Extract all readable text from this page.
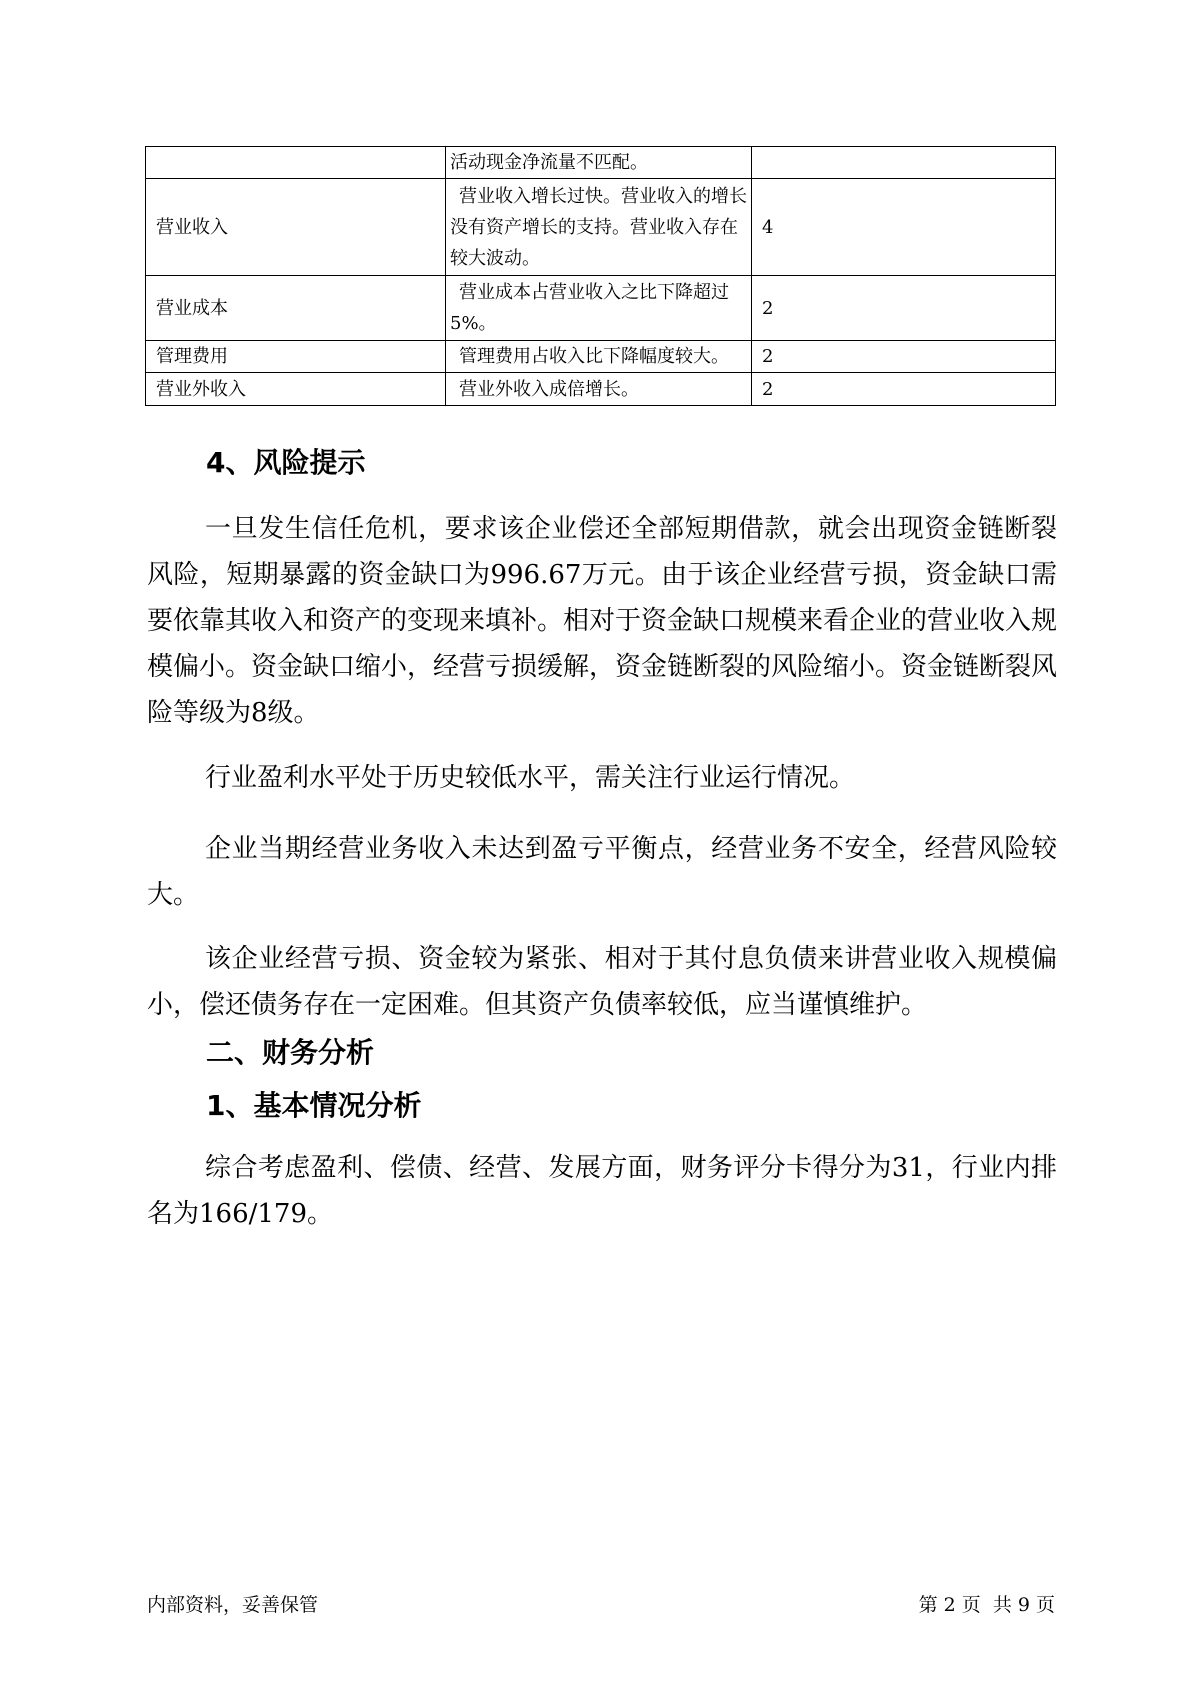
	活动现金净流量不匹配。	
营业收入	营业收入增长过快。营业收入的增长没有资产增长的支持。营业收入存在较大波动。	4
营业成本	营业成本占营业收入之比下降超过5%。	2
管理费用	管理费用占收入比下降幅度较大。	2
营业外收入	营业外收入成倍增长。	2
4、风险提示

一旦发生信任危机，要求该企业偿还全部短期借款，就会出现资金链断裂风险，短期暴露的资金缺口为996.67万元。由于该企业经营亏损，资金缺口需要依靠其收入和资产的变现来填补。相对于资金缺口规模来看企业的营业收入规模偏小。资金缺口缩小，经营亏损缓解，资金链断裂的风险缩小。资金链断裂风险等级为8级。

行业盈利水平处于历史较低水平，需关注行业运行情况。

企业当期经营业务收入未达到盈亏平衡点，经营业务不安全，经营风险较大。

该企业经营亏损、资金较为紧张、相对于其付息负债来讲营业收入规模偏小，偿还债务存在一定困难。但其资产负债率较低，应当谨慎维护。

二、财务分析
1、基本情况分析

综合考虑盈利、偿债、经营、发展方面，财务评分卡得分为31，行业内排名为166/179。

内部资料，妥善保管	第 2 页  共 9 页
